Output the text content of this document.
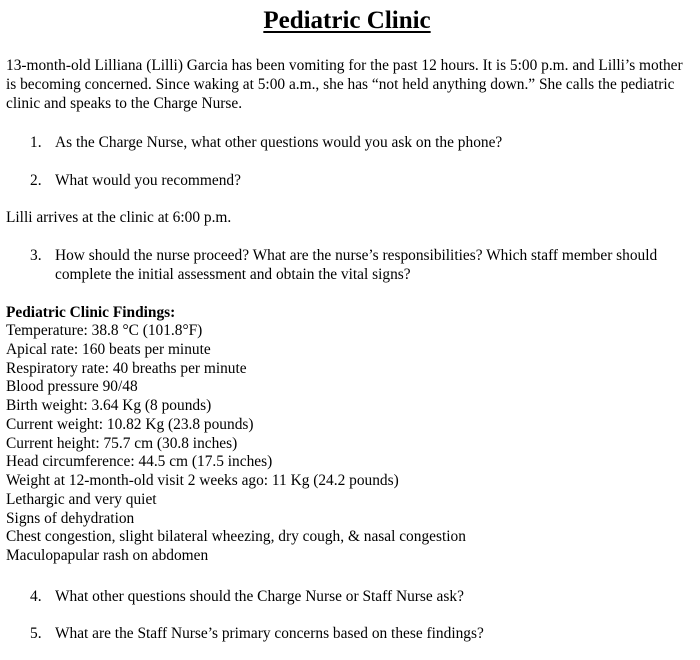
Pediatric Clinic

13-month-old Lilliana (Lilli) Garcia has been vomiting for the past 12 hours. It is 5:00 p.m. and Lilli’s mother is becoming concerned. Since waking at 5:00 a.m., she has “not held anything down.” She calls the pediatric clinic and speaks to the Charge Nurse.

1. As the Charge Nurse, what other questions would you ask on the phone?
2. What would you recommend?

Lilli arrives at the clinic at 6:00 p.m.

3. How should the nurse proceed? What are the nurse’s responsibilities? Which staff member should complete the initial assessment and obtain the vital signs?

Pediatric Clinic Findings:

Temperature: 38.8 °C (101.8°F)
Apical rate: 160 beats per minute
Respiratory rate: 40 breaths per minute
Blood pressure 90/48
Birth weight: 3.64 Kg (8 pounds)
Current weight: 10.82 Kg (23.8 pounds)
Current height: 75.7 cm (30.8 inches)
Head circumference: 44.5 cm (17.5 inches)
Weight at 12-month-old visit 2 weeks ago: 11 Kg (24.2 pounds)
Lethargic and very quiet
Signs of dehydration
Chest congestion, slight bilateral wheezing, dry cough, & nasal congestion
Maculopapular rash on abdomen
4. What other questions should the Charge Nurse or Staff Nurse ask?
5. What are the Staff Nurse’s primary concerns based on these findings?
